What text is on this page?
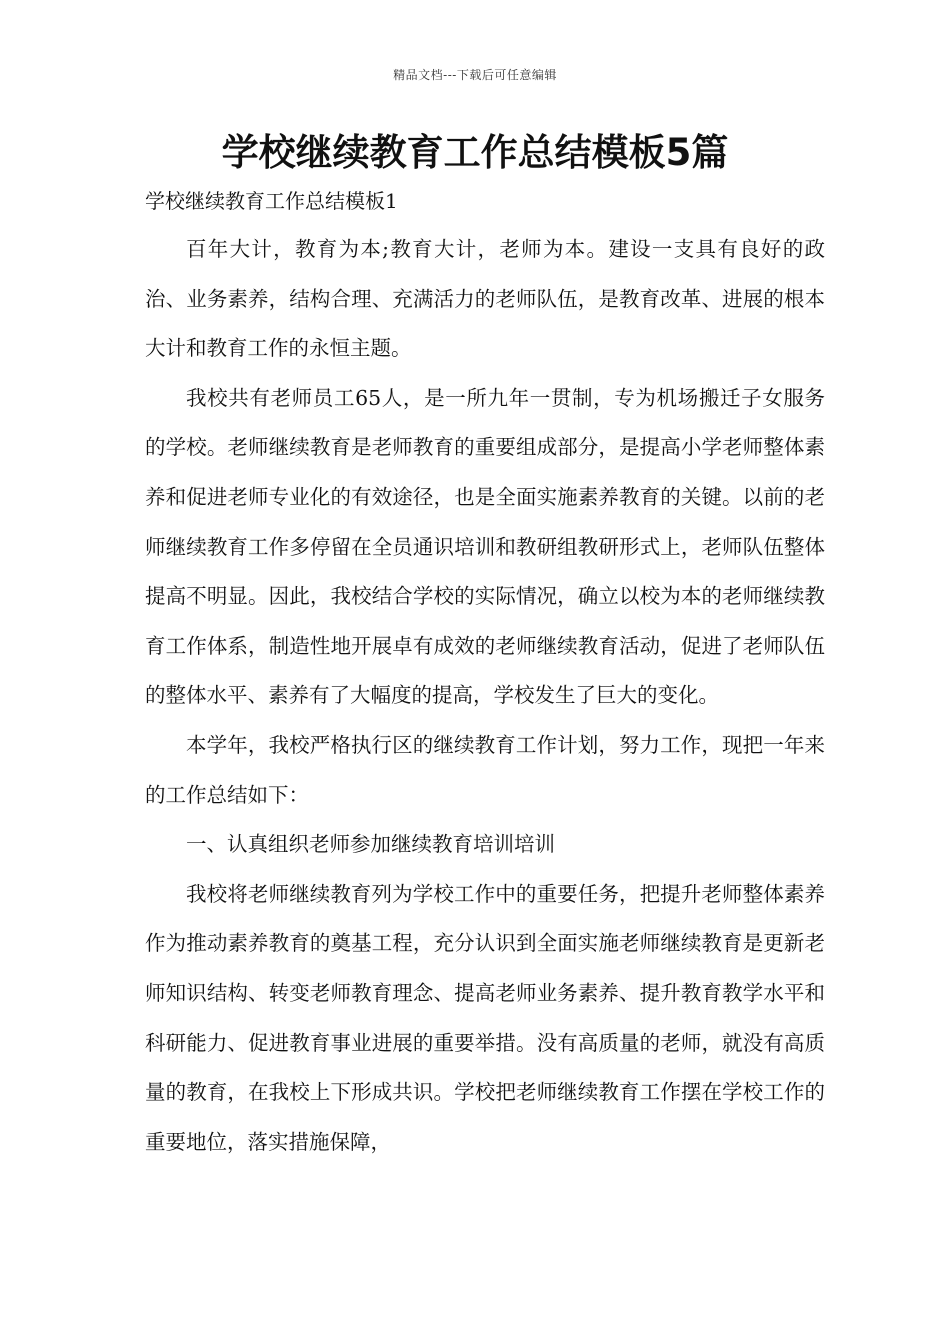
精品文档---下载后可任意编辑
学校继续教育工作总结模板5篇
学校继续教育工作总结模板1

百年大计，教育为本;教育大计，老师为本。建设一支具有良好的政治、业务素养，结构合理、充满活力的老师队伍，是教育改革、进展的根本大计和教育工作的永恒主题。

我校共有老师员工65人，是一所九年一贯制，专为机场搬迁子女服务的学校。老师继续教育是老师教育的重要组成部分，是提高小学老师整体素养和促进老师专业化的有效途径，也是全面实施素养教育的关键。以前的老师继续教育工作多停留在全员通识培训和教研组教研形式上，老师队伍整体提高不明显。因此，我校结合学校的实际情况，确立以校为本的老师继续教育工作体系，制造性地开展卓有成效的老师继续教育活动，促进了老师队伍的整体水平、素养有了大幅度的提高，学校发生了巨大的变化。

本学年，我校严格执行区的继续教育工作计划，努力工作，现把一年来的工作总结如下：

一、认真组织老师参加继续教育培训培训

我校将老师继续教育列为学校工作中的重要任务，把提升老师整体素养作为推动素养教育的奠基工程，充分认识到全面实施老师继续教育是更新老师知识结构、转变老师教育理念、提高老师业务素养、提升教育教学水平和科研能力、促进教育事业进展的重要举措。没有高质量的老师，就没有高质量的教育，在我校上下形成共识。学校把老师继续教育工作摆在学校工作的重要地位，落实措施保障，
